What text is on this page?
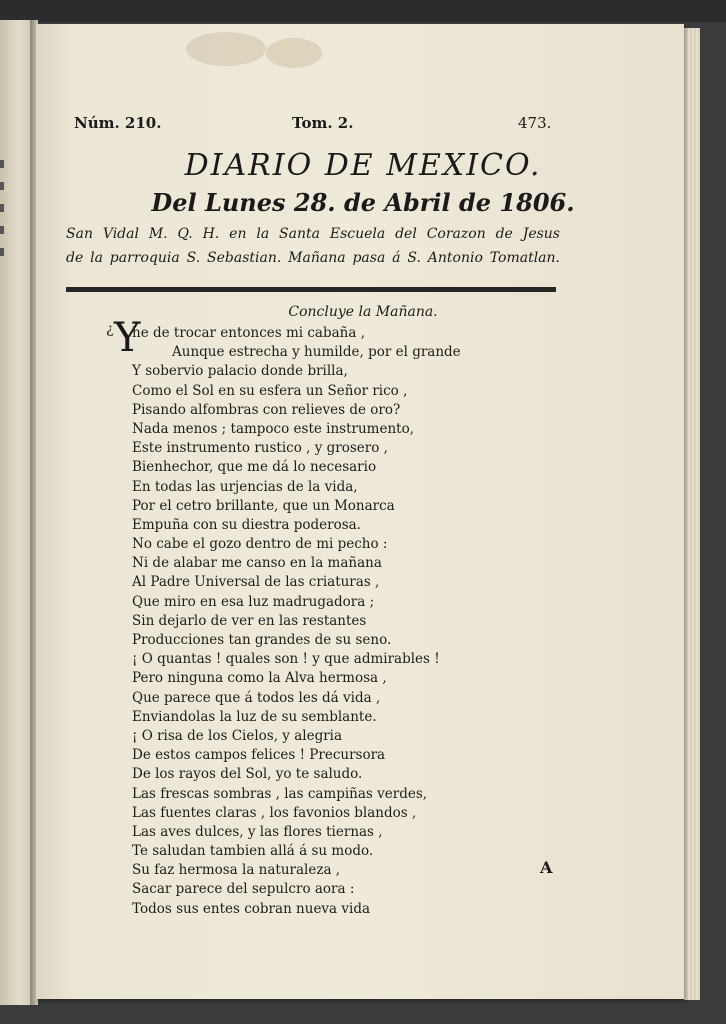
Núm. 210.	Tom. 2.	473.
DIARIO DE MEXICO.
Del Lunes 28. de Abril de 1806.
San Vidal M. Q. H. en la Santa Escuela del Corazon de Jesus
de la parroquia S. Sebastian. Mañana pasa á S. Antonio Tomatlan.
Concluye la Mañana.
¿ Y
he de trocar entonces mi cabaña ,
Aunque estrecha y humilde, por el grande
Y sobervio palacio donde brilla,
Como el Sol en su esfera un Señor rico ,
Pisando alfombras con relieves de oro?
Nada menos ; tampoco este instrumento,
Este instrumento rustico , y grosero ,
Bienhechor, que me dá lo necesario
En todas las urjencias de la vida,
Por el cetro brillante, que un Monarca
Empuña con su diestra poderosa.
No cabe el gozo dentro de mi pecho :
Ni de alabar me canso en la mañana
Al Padre Universal de las criaturas ,
Que miro en esa luz madrugadora ;
Sin dejarlo de ver en las restantes
Producciones tan grandes de su seno.
¡ O quantas ! quales son ! y que admirables !
Pero ninguna como la Alva hermosa ,
Que parece que á todos les dá vida ,
Enviandolas la luz de su semblante.
¡ O risa de los Cielos, y alegria
De estos campos felices ! Precursora
De los rayos del Sol, yo te saludo.
Las frescas sombras , las campiñas verdes,
Las fuentes claras , los favonios blandos ,
Las aves dulces, y las flores tiernas ,
Te saludan tambien allá á su modo.
Su faz hermosa la naturaleza ,
Sacar parece del sepulcro aora :
Todos sus entes cobran nueva vida
A
